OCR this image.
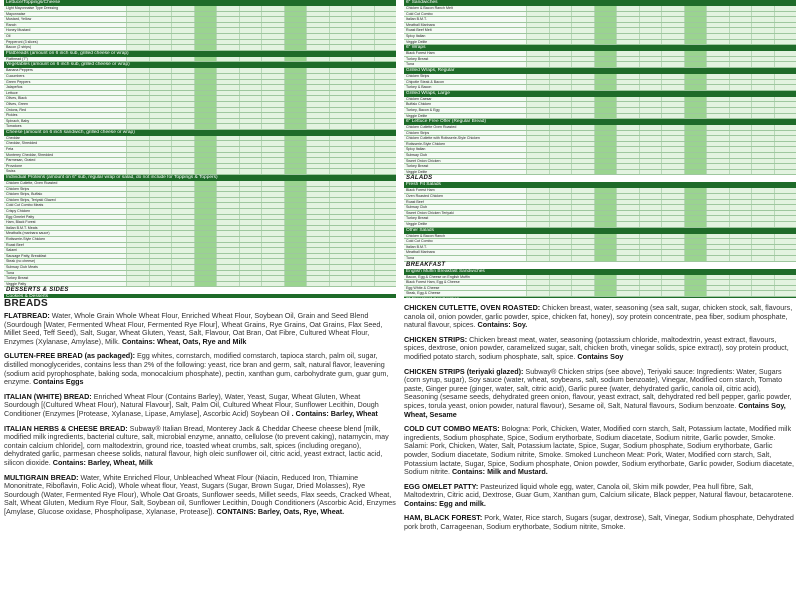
Lettuce/Toppings/Cheese
Light Mayonnaise Type Dressing
Mayonnaise
Mustard, Yellow
Ranch
Honey Mustard
Oil
Pepperoni (3 slices)
Bacon (2 strips)
Flatbreads (amount on 6 inch sub, grilled cheese or wrap)
Flatbread (7")
Vegetables (amount on 6 inch sub, grilled cheese or wrap)
Banana Peppers
Cucumbers
Green Peppers
Jalapeños
Lettuce
Olives, Black
Olives, Green
Onions, Red
Pickles
Spinach, Baby
Tomatoes
Cheese (amount on 6 inch sandwich, grilled cheese or wrap)
Cheddar
Cheddar, Shredded
Feta
Monterey Cheddar, Shredded
Parmesan, Grated
Provolone
Swiss
Individual Proteins (amount on 6" sub, regular wrap or salad, do not include for Toppings & Toppers)
Chicken Cutlette, Oven Roasted
Chicken Strips
Chicken Strips, Buffalo
Chicken Strips, Teriyaki Glazed
Cold Cut Combo Meats
Crispy Chicken
Egg Omelet Patty
Ham, Black Forest
Italian B.M.T. Meats
Meatballs (marinara sauce)
Rotisserie-Style Chicken
Roast Beef
Salami
Sausage Patty, Breakfast
Steak (no cheese)
Subway Club Meats
Tuna
Turkey Breast
Veggie Patty
DESSERTS & SIDES
Cookies & Desserts
BREADS

FLATBREAD: Water, Whole Grain Whole Wheat Flour, Enriched Wheat Flour, Soybean Oil, Grain and Seed Blend (Sourdough [Water, Fermented Wheat Flour, Fermented Rye Flour], Wheat Grains, Rye Grains, Oat Grains, Flax Seed, Millet Seed, Teff Seed), Salt, Sugar, Wheat Gluten, Yeast, Salt, Flavour, Oat Bran, Oat Fibre, Cultured Wheat Flour, Enzymes (Xylanase, Amylase), Milk. Contains: Wheat, Oats, Rye and Milk

GLUTEN-FREE BREAD (as packaged): Egg whites, cornstarch, modified cornstarch, tapioca starch, palm oil, sugar, distilled monoglycerides, contains less than 2% of the following: yeast, rice bran and germ, salt, natural flavor, leavening (sodium acid pyrophosphate, baking soda, monocalcium phosphate), pectin, xanthan gum, carbohydrate gum, guar gum, enzyme. Contains Eggs

ITALIAN (WHITE) BREAD: Enriched Wheat Flour (Contains Barley), Water, Yeast, Sugar, Wheat Gluten, Wheat Sourdough [(Cultured Wheat Flour), Natural Flavour], Salt, Palm Oil, Cultured Wheat Flour, Sunflower Lecithin, Dough Conditioner (Enzymes [Protease, Xylanase, Lipase, Amylase], Ascorbic Acid) Soybean Oil . Contains: Barley, Wheat

ITALIAN HERBS & CHEESE BREAD: Subway® Italian Bread, Monterey Jack & Cheddar Cheese cheese blend [milk, modified milk ingredients, bacterial culture, salt, microbial enzyme, annatto, cellulose (to prevent caking), natamycin, may contain calcium chloride], corn maltodextrin, ground rice, toasted wheat crumbs, salt, spices (including oregano), dehydrated garlic, parmesan cheese solids, natural flavour, high oleic sunflower oil, citric acid, yeast extract, lactic acid, silicon dioxide. Contains: Barley, Wheat, Milk

MULTIGRAIN BREAD: Water, White Enriched Flour, Unbleached Wheat Flour (Niacin, Reduced Iron, Thiamine Mononitrate, Riboflavin, Folic Acid), Whole wheat flour, Yeast, Sugars (Sugar, Brown Sugar, Dried Molasses), Rye Sourdough (Water, Fermented Rye Flour), Whole Oat Groats, Sunflower seeds, Millet seeds, Flax seeds, Cracked Wheat, Salt, Wheat Gluten, Medium Rye Flour, Salt, Soybean oil, Sunflower Lecithin, Dough Conditioners (Ascorbic Acid, Enzymes [Amylase, Glucose oxidase, Phospholipase, Xylanase, Protease]). CONTAINS: Barley, Oats, Rye, Wheat.

6" Sandwiches
Chicken & Bacon Ranch Melt
Cold Cut Combo
Italian B.M.T.
Meatball Marinara
Roast Beef Melt
Spicy Italian
Veggie Delite
6" Wraps
Black Forest Ham
Turkey Breast
Tuna
Grilled Wraps, Regular
Chicken Strips
Chipotle Steak & Bacon
Turkey & Bacon
Grilled Wraps, Large
Chicken Caesar
Buffalo Chicken
Turkey, Bacon & Egg
Veggie Delite
6" Lettuce Free Offer (Regular Bread)
Chicken Cutlette Oven Roasted
Chicken Strips
Chicken Cutlette with Rotisserie-Style Chicken
Rotisserie-Style Chicken
Spicy Italian
Subway Club
Sweet Onion Chicken
Turkey Breast
Veggie Delite
SALADS
Fresh Fit Salads
Black Forest Ham
Oven Roasted Chicken
Roast Beef
Subway Club
Sweet Onion Chicken Teriyaki
Turkey Breast
Veggie Delite
Other Salads
Chicken & Bacon Ranch
Cold Cut Combo
Italian B.M.T.
Meatball Marinara
Tuna
BREAKFAST
English Muffin Breakfast Sandwiches
Bacon, Egg & Cheese on English Muffin
Black Forest Ham, Egg & Cheese
Egg White & Cheese
Steak, Egg & Cheese

CHICKEN CUTLETTE, OVEN ROASTED: Chicken breast, water, seasoning (sea salt, sugar, chicken stock, salt, flavours, canola oil, onion powder, garlic powder, spice, chicken fat, honey), soy protein concentrate, pea fiber, sodium phosphate, natural flavour, spices. Contains: Soy.

CHICKEN STRIPS: Chicken breast meat, water, seasoning (potassium chloride, maltodextrin, yeast extract, flavours, spices, dextrose, onion powder, caramelized sugar, salt, chicken broth, vinegar solids, spice extract), soy protein product, modified potato starch, sodium phosphate, salt, spice. Contains Soy

CHICKEN STRIPS (teriyaki glazed): Subway® Chicken strips (see above), Teriyaki sauce: Ingredients: Water, Sugars (corn syrup, sugar), Soy sauce (water, wheat, soybeans, salt, sodium benzoate), Vinegar, Modified corn starch, Tomato paste, Ginger puree (ginger, water, salt, citric acid), Garlic puree (water, dehydrated garlic, canola oil, citric acid), Seasoning (sesame seeds, dehydrated green onion, flavour, yeast extract, salt, dehydrated red bell pepper, garlic powder, spices, torula yeast, onion powder, natural flavour), Sesame oil, Salt, Natural flavours, Sodium benzoate. Contains Soy, Wheat, Sesame

COLD CUT COMBO MEATS: Bologna: Pork, Chicken, Water, Modified corn starch, Salt, Potassium lactate, Modified milk ingredients, Sodium phosphate, Spice, Sodium erythorbate, Sodium diacetate, Sodium nitrite, Garlic powder, Smoke. Salami: Pork, Chicken, Water, Salt, Potassium lactate, Spice, Sugar, Sodium phosphate, Sodium erythorbate, Garlic powder, Sodium diacetate, Sodium nitrite, Smoke. Smoked Luncheon Meat: Pork, Water, Modified corn starch, Salt, Potassium lactate, Sugar, Spice, Sodium phosphate, Onion powder, Sodium erythorbate, Garlic powder, Sodium diacetate, Sodium nitrite. Contains: Milk and Mustard.

EGG OMELET PATTY: Pasteurized liquid whole egg, water, Canola oil, Skim milk powder, Pea hull fibre, Salt, Maltodextrin, Citric acid, Dextrose, Guar Gum, Xanthan gum, Calcium silicate, Black pepper, Natural flavour, betacarotene. Contains: Egg and milk.

HAM, BLACK FOREST: Pork, Water, Rice starch, Sugars (sugar, dextrose), Salt, Vinegar, Sodium phosphate, Dehydrated pork broth, Carrageenan, Sodium erythorbate, Sodium nitrite, Smoke.
